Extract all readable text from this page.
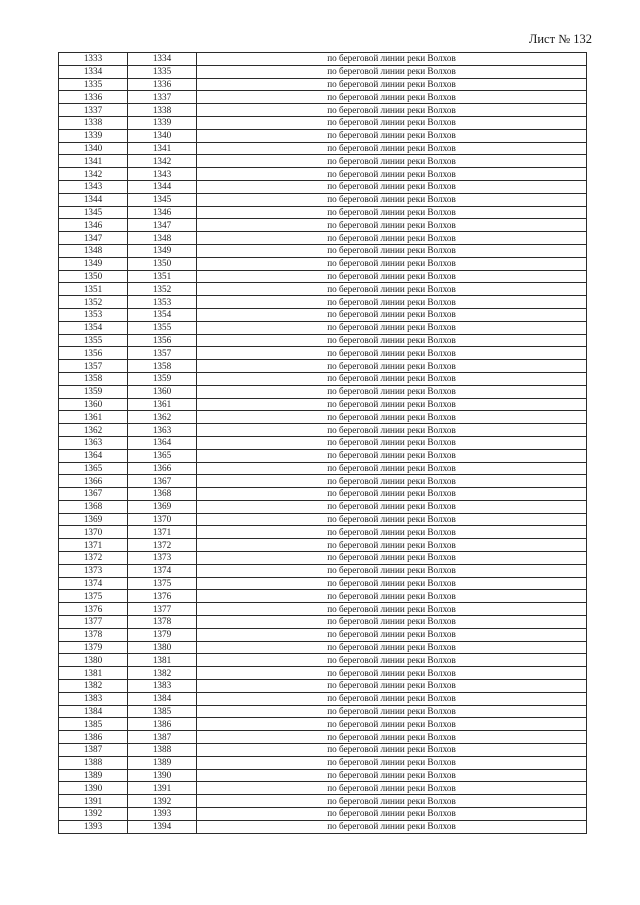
Лист № 132
1333	1334	по береговой линии реки Волхов
1334	1335	по береговой линии реки Волхов
1335	1336	по береговой линии реки Волхов
1336	1337	по береговой линии реки Волхов
1337	1338	по береговой линии реки Волхов
1338	1339	по береговой линии реки Волхов
1339	1340	по береговой линии реки Волхов
1340	1341	по береговой линии реки Волхов
1341	1342	по береговой линии реки Волхов
1342	1343	по береговой линии реки Волхов
1343	1344	по береговой линии реки Волхов
1344	1345	по береговой линии реки Волхов
1345	1346	по береговой линии реки Волхов
1346	1347	по береговой линии реки Волхов
1347	1348	по береговой линии реки Волхов
1348	1349	по береговой линии реки Волхов
1349	1350	по береговой линии реки Волхов
1350	1351	по береговой линии реки Волхов
1351	1352	по береговой линии реки Волхов
1352	1353	по береговой линии реки Волхов
1353	1354	по береговой линии реки Волхов
1354	1355	по береговой линии реки Волхов
1355	1356	по береговой линии реки Волхов
1356	1357	по береговой линии реки Волхов
1357	1358	по береговой линии реки Волхов
1358	1359	по береговой линии реки Волхов
1359	1360	по береговой линии реки Волхов
1360	1361	по береговой линии реки Волхов
1361	1362	по береговой линии реки Волхов
1362	1363	по береговой линии реки Волхов
1363	1364	по береговой линии реки Волхов
1364	1365	по береговой линии реки Волхов
1365	1366	по береговой линии реки Волхов
1366	1367	по береговой линии реки Волхов
1367	1368	по береговой линии реки Волхов
1368	1369	по береговой линии реки Волхов
1369	1370	по береговой линии реки Волхов
1370	1371	по береговой линии реки Волхов
1371	1372	по береговой линии реки Волхов
1372	1373	по береговой линии реки Волхов
1373	1374	по береговой линии реки Волхов
1374	1375	по береговой линии реки Волхов
1375	1376	по береговой линии реки Волхов
1376	1377	по береговой линии реки Волхов
1377	1378	по береговой линии реки Волхов
1378	1379	по береговой линии реки Волхов
1379	1380	по береговой линии реки Волхов
1380	1381	по береговой линии реки Волхов
1381	1382	по береговой линии реки Волхов
1382	1383	по береговой линии реки Волхов
1383	1384	по береговой линии реки Волхов
1384	1385	по береговой линии реки Волхов
1385	1386	по береговой линии реки Волхов
1386	1387	по береговой линии реки Волхов
1387	1388	по береговой линии реки Волхов
1388	1389	по береговой линии реки Волхов
1389	1390	по береговой линии реки Волхов
1390	1391	по береговой линии реки Волхов
1391	1392	по береговой линии реки Волхов
1392	1393	по береговой линии реки Волхов
1393	1394	по береговой линии реки Волхов
